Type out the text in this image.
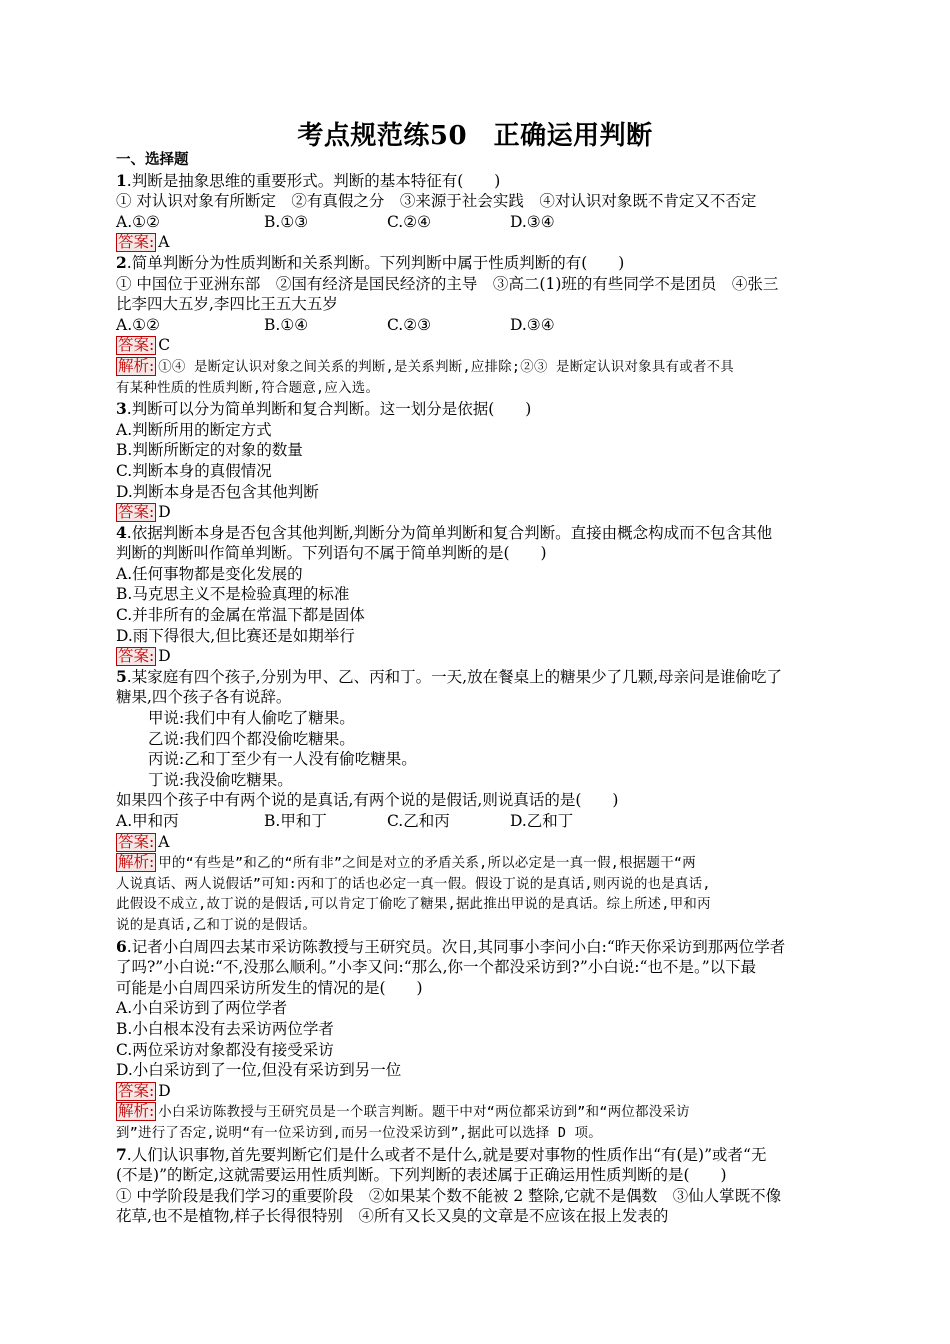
考点规范练50　正确运用判断
一、选择题
1.判断是抽象思维的重要形式。判断的基本特征有(　　)
① 对认识对象有所断定　②有真假之分　③来源于社会实践　④对认识对象既不肯定又不否定
A.①②	B.①③	C.②④	D.③④
答案: A
2.简单判断分为性质判断和关系判断。下列判断中属于性质判断的有(　　)
① 中国位于亚洲东部　②国有经济是国民经济的主导　③高二(1)班的有些同学不是团员　④张三
比李四大五岁,李四比王五大五岁
A.①②	B.①④	C.②③	D.③④
答案: C
解析: ①④ 是断定认识对象之间关系的判断,是关系判断,应排除;②③ 是断定认识对象具有或者不具
有某种性质的性质判断,符合题意,应入选。
3.判断可以分为简单判断和复合判断。这一划分是依据(　　)
A.判断所用的断定方式
B.判断所断定的对象的数量
C.判断本身的真假情况
D.判断本身是否包含其他判断
答案: D
4.依据判断本身是否包含其他判断,判断分为简单判断和复合判断。直接由概念构成而不包含其他
判断的判断叫作简单判断。下列语句不属于简单判断的是(　　)
A.任何事物都是变化发展的
B.马克思主义不是检验真理的标准
C.并非所有的金属在常温下都是固体
D.雨下得很大,但比赛还是如期举行
答案: D
5.某家庭有四个孩子,分别为甲、乙、丙和丁。一天,放在餐桌上的糖果少了几颗,母亲问是谁偷吃了
糖果,四个孩子各有说辞。
甲说:我们中有人偷吃了糖果。
乙说:我们四个都没偷吃糖果。
丙说:乙和丁至少有一人没有偷吃糖果。
丁说:我没偷吃糖果。
如果四个孩子中有两个说的是真话,有两个说的是假话,则说真话的是(　　)
A.甲和丙	B.甲和丁	C.乙和丙	D.乙和丁
答案: A
解析: 甲的“有些是”和乙的“所有非”之间是对立的矛盾关系,所以必定是一真一假,根据题干“两
人说真话、两人说假话”可知:丙和丁的话也必定一真一假。假设丁说的是真话,则丙说的也是真话,
此假设不成立,故丁说的是假话,可以肯定丁偷吃了糖果,据此推出甲说的是真话。综上所述,甲和丙
说的是真话,乙和丁说的是假话。
6.记者小白周四去某市采访陈教授与王研究员。次日,其同事小李问小白:“昨天你采访到那两位学者
了吗?”小白说:“不,没那么顺利。”小李又问:“那么,你一个都没采访到?”小白说:“也不是。”以下最
可能是小白周四采访所发生的情况的是(　　)
A.小白采访到了两位学者
B.小白根本没有去采访两位学者
C.两位采访对象都没有接受采访
D.小白采访到了一位,但没有采访到另一位
答案: D
解析: 小白采访陈教授与王研究员是一个联言判断。题干中对“两位都采访到”和“两位都没采访
到”进行了否定,说明“有一位采访到,而另一位没采访到”,据此可以选择 D 项。
7.人们认识事物,首先要判断它们是什么或者不是什么,就是要对事物的性质作出“有(是)”或者“无
(不是)”的断定,这就需要运用性质判断。下列判断的表述属于正确运用性质判断的是(　　)
① 中学阶段是我们学习的重要阶段　②如果某个数不能被 2 整除,它就不是偶数　③仙人掌既不像
花草,也不是植物,样子长得很特别　④所有又长又臭的文章是不应该在报上发表的
